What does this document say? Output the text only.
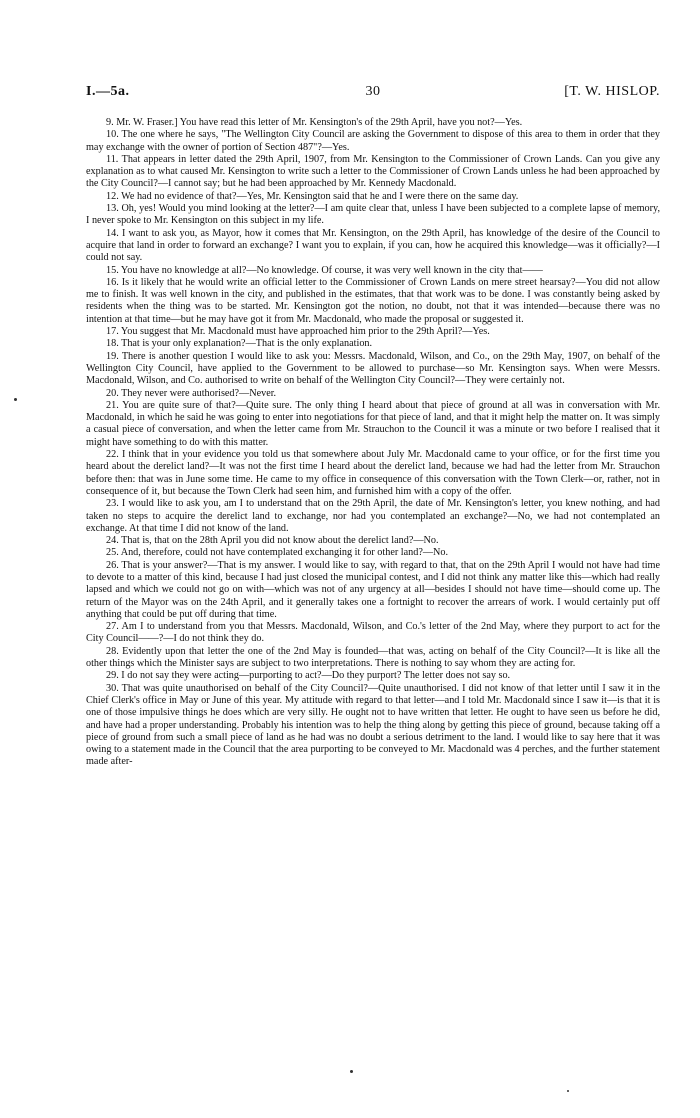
I.—5a.	30	[T. W. HISLOP.

9. Mr. W. Fraser.] You have read this letter of Mr. Kensington's of the 29th April, have you not?—Yes.

10. The one where he says, "The Wellington City Council are asking the Government to dispose of this area to them in order that they may exchange with the owner of portion of Section 487"?—Yes.

11. That appears in letter dated the 29th April, 1907, from Mr. Kensington to the Commissioner of Crown Lands. Can you give any explanation as to what caused Mr. Kensington to write such a letter to the Commissioner of Crown Lands unless he had been approached by the City Council?—I cannot say; but he had been approached by Mr. Kennedy Macdonald.

12. We had no evidence of that?—Yes, Mr. Kensington said that he and I were there on the same day.

13. Oh, yes! Would you mind looking at the letter?—I am quite clear that, unless I have been subjected to a complete lapse of memory, I never spoke to Mr. Kensington on this subject in my life.

14. I want to ask you, as Mayor, how it comes that Mr. Kensington, on the 29th April, has knowledge of the desire of the Council to acquire that land in order to forward an exchange? I want you to explain, if you can, how he acquired this knowledge—was it officially?—I could not say.

15. You have no knowledge at all?—No knowledge. Of course, it was very well known in the city that——

16. Is it likely that he would write an official letter to the Commissioner of Crown Lands on mere street hearsay?—You did not allow me to finish. It was well known in the city, and published in the estimates, that that work was to be done. I was constantly being asked by residents when the thing was to be started. Mr. Kensington got the notion, no doubt, not that it was intended—because there was no intention at that time—but he may have got it from Mr. Macdonald, who made the proposal or suggested it.

17. You suggest that Mr. Macdonald must have approached him prior to the 29th April?—Yes.

18. That is your only explanation?—That is the only explanation.

19. There is another question I would like to ask you: Messrs. Macdonald, Wilson, and Co., on the 29th May, 1907, on behalf of the Wellington City Council, have applied to the Government to be allowed to purchase—so Mr. Kensington says. When were Messrs. Macdonald, Wilson, and Co. authorised to write on behalf of the Wellington City Council?—They were certainly not.

20. They never were authorised?—Never.

21. You are quite sure of that?—Quite sure. The only thing I heard about that piece of ground at all was in conversation with Mr. Macdonald, in which he said he was going to enter into negotiations for that piece of land, and that it might help the matter on. It was simply a casual piece of conversation, and when the letter came from Mr. Strauchon to the Council it was a minute or two before I realised that it might have something to do with this matter.

22. I think that in your evidence you told us that somewhere about July Mr. Macdonald came to your office, or for the first time you heard about the derelict land?—It was not the first time I heard about the derelict land, because we had had the letter from Mr. Strauchon before then: that was in June some time. He came to my office in consequence of this conversation with the Town Clerk—or, rather, not in consequence of it, but because the Town Clerk had seen him, and furnished him with a copy of the offer.

23. I would like to ask you, am I to understand that on the 29th April, the date of Mr. Kensington's letter, you knew nothing, and had taken no steps to acquire the derelict land to exchange, nor had you contemplated an exchange?—No, we had not contemplated an exchange. At that time I did not know of the land.

24. That is, that on the 28th April you did not know about the derelict land?—No.

25. And, therefore, could not have contemplated exchanging it for other land?—No.

26. That is your answer?—That is my answer. I would like to say, with regard to that, that on the 29th April I would not have had time to devote to a matter of this kind, because I had just closed the municipal contest, and I did not think any matter like this—which had really lapsed and which we could not go on with—which was not of any urgency at all—besides I should not have time—should come up. The return of the Mayor was on the 24th April, and it generally takes one a fortnight to recover the arrears of work. I would certainly put off anything that could be put off during that time.

27. Am I to understand from you that Messrs. Macdonald, Wilson, and Co.'s letter of the 2nd May, where they purport to act for the City Council——?—I do not think they do.

28. Evidently upon that letter the one of the 2nd May is founded—that was, acting on behalf of the City Council?—It is like all the other things which the Minister says are subject to two interpretations. There is nothing to say whom they are acting for.

29. I do not say they were acting—purporting to act?—Do they purport? The letter does not say so.

30. That was quite unauthorised on behalf of the City Council?—Quite unauthorised. I did not know of that letter until I saw it in the Chief Clerk's office in May or June of this year. My attitude with regard to that letter—and I told Mr. Macdonald since I saw it—is that it is one of those impulsive things he does which are very silly. He ought not to have written that letter. He ought to have seen us before he did, and have had a proper understanding. Probably his intention was to help the thing along by getting this piece of ground, because taking off a piece of ground from such a small piece of land as he had was no doubt a serious detriment to the land. I would like to say here that it was owing to a statement made in the Council that the area purporting to be conveyed to Mr. Macdonald was 4 perches, and the further statement made after-
